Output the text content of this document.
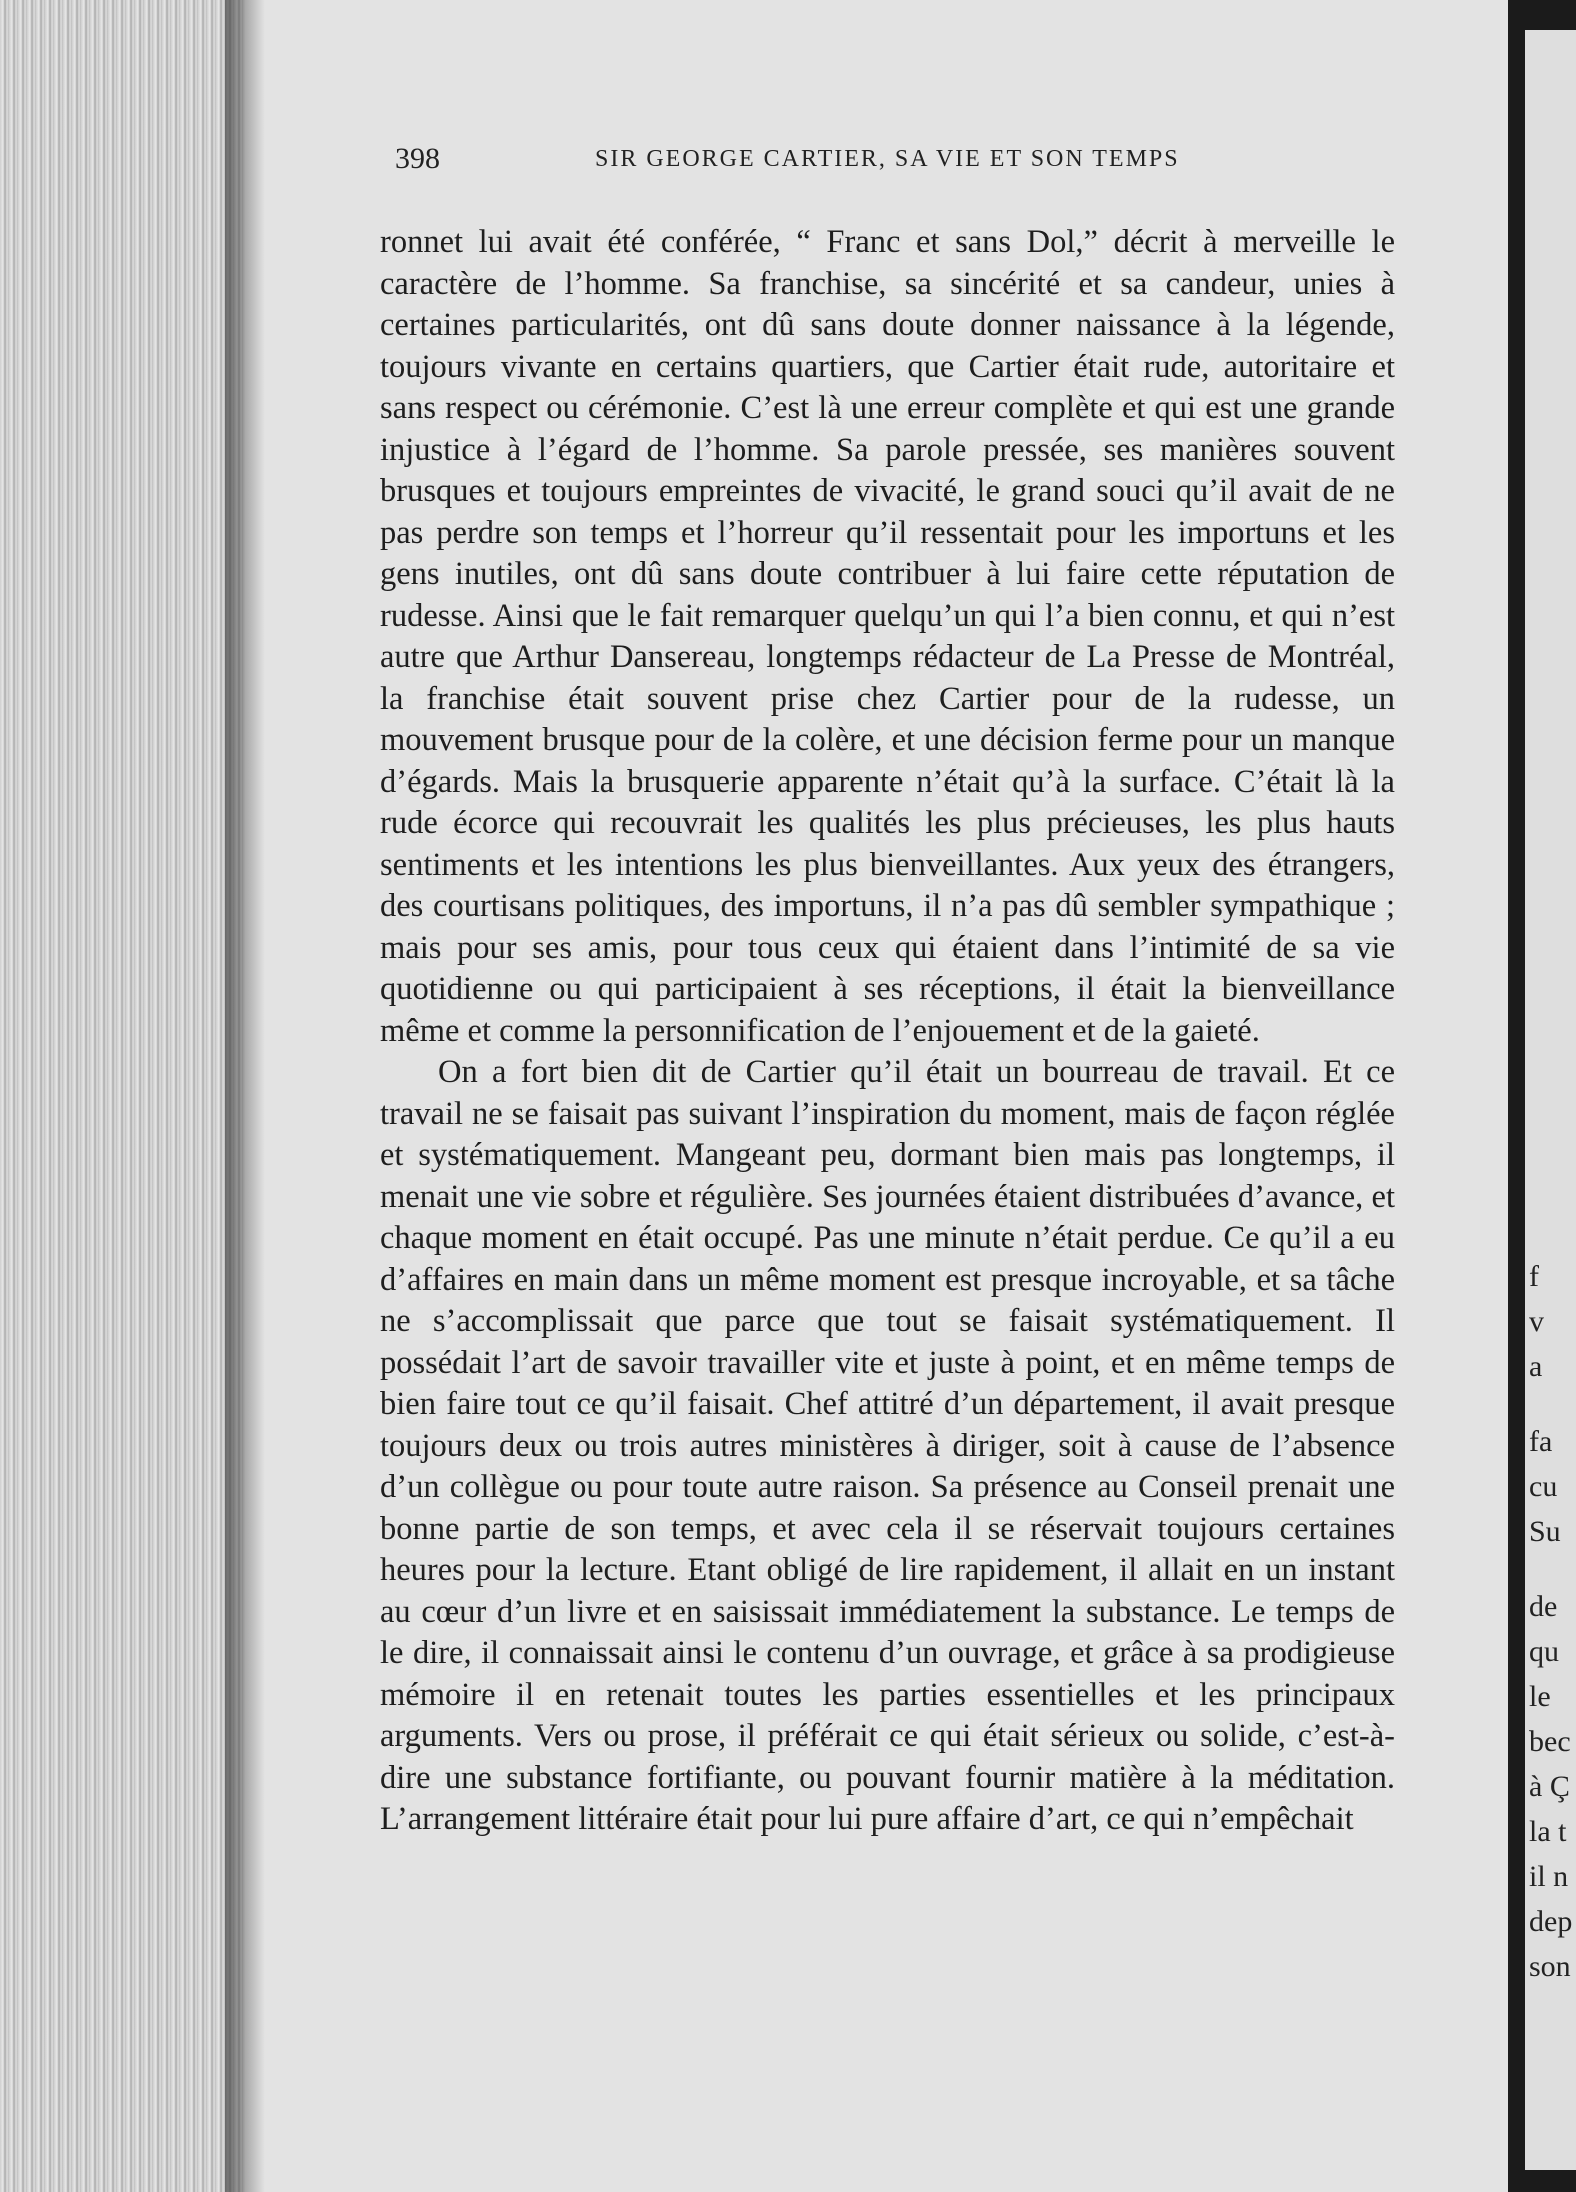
f
v
a
fa
cu
Su
de
qu
le
bec
à Ç
la t
il n
dep
son
398	SIR GEORGE CARTIER, SA VIE ET SON TEMPS

ronnet lui avait été conférée, “ Franc et sans Dol,” décrit à merveille le caractère de l’homme. Sa franchise, sa sincérité et sa candeur, unies à certaines particularités, ont dû sans doute donner naissance à la légende, toujours vivante en certains quartiers, que Cartier était rude, autoritaire et sans respect ou cérémonie. C’est là une erreur complète et qui est une grande injustice à l’égard de l’homme. Sa parole pressée, ses manières souvent brusques et toujours empreintes de vivacité, le grand souci qu’il avait de ne pas perdre son temps et l’horreur qu’il ressentait pour les importuns et les gens inutiles, ont dû sans doute contribuer à lui faire cette réputation de rudesse. Ainsi que le fait remarquer quelqu’un qui l’a bien connu, et qui n’est autre que Arthur Dansereau, longtemps rédacteur de La Presse de Montréal, la franchise était souvent prise chez Cartier pour de la rudesse, un mouvement brusque pour de la colère, et une décision ferme pour un manque d’égards. Mais la brusquerie apparente n’était qu’à la surface. C’était là la rude écorce qui recouvrait les qualités les plus précieuses, les plus hauts sentiments et les intentions les plus bienveillantes. Aux yeux des étrangers, des courtisans politiques, des importuns, il n’a pas dû sembler sympathique ; mais pour ses amis, pour tous ceux qui étaient dans l’intimité de sa vie quotidienne ou qui participaient à ses réceptions, il était la bienveillance même et comme la personnification de l’enjouement et de la gaieté.

On a fort bien dit de Cartier qu’il était un bourreau de travail. Et ce travail ne se faisait pas suivant l’inspiration du moment, mais de façon réglée et systématiquement. Mangeant peu, dormant bien mais pas longtemps, il menait une vie sobre et régulière. Ses journées étaient distribuées d’avance, et chaque moment en était occupé. Pas une minute n’était perdue. Ce qu’il a eu d’affaires en main dans un même moment est presque incroyable, et sa tâche ne s’accomplissait que parce que tout se faisait systématiquement. Il possédait l’art de savoir travailler vite et juste à point, et en même temps de bien faire tout ce qu’il faisait. Chef attitré d’un département, il avait presque toujours deux ou trois autres ministères à diriger, soit à cause de l’absence d’un collègue ou pour toute autre raison. Sa présence au Conseil prenait une bonne partie de son temps, et avec cela il se réservait toujours certaines heures pour la lecture. Etant obligé de lire rapidement, il allait en un instant au cœur d’un livre et en saisissait immédiatement la substance. Le temps de le dire, il connaissait ainsi le contenu d’un ouvrage, et grâce à sa prodigieuse mémoire il en retenait toutes les parties essentielles et les principaux arguments. Vers ou prose, il préférait ce qui était sérieux ou solide, c’est-à-dire une substance fortifiante, ou pouvant fournir matière à la méditation. L’arrangement littéraire était pour lui pure affaire d’art, ce qui n’empêchait
